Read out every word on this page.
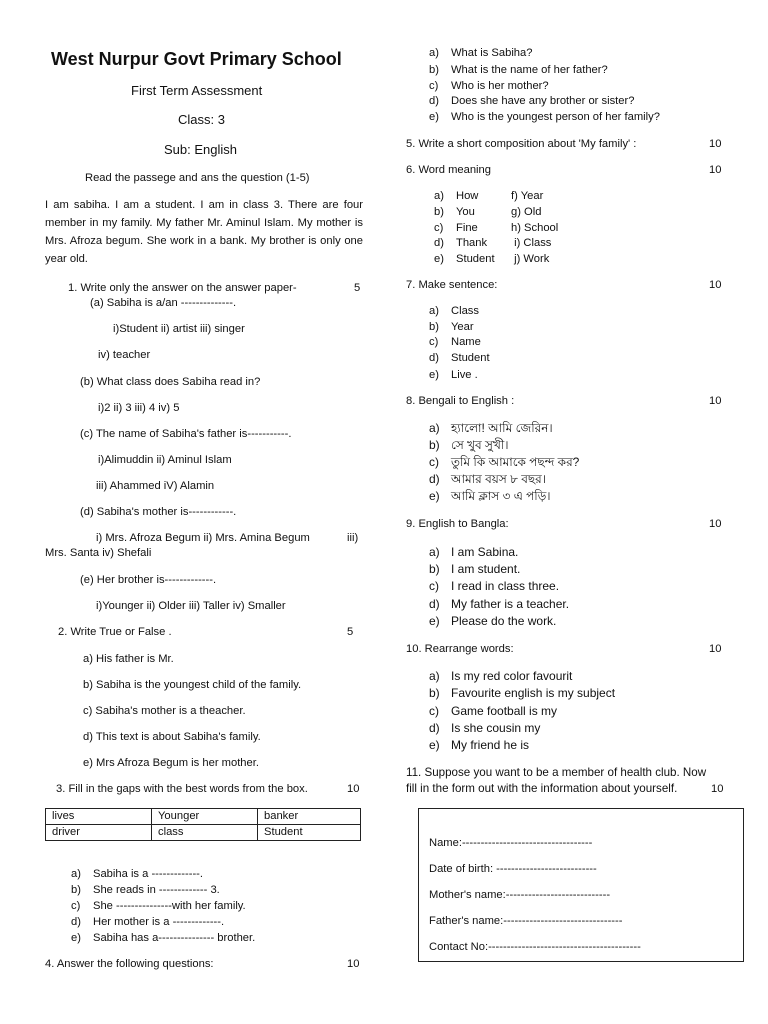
West Nurpur Govt Primary School
First Term Assessment
Class: 3
Sub: English
Read the passege and ans the question (1-5)
I am sabiha. I am a student. I am in class 3. There are four member in my family. My father Mr. Aminul Islam. My mother is Mrs. Afroza begum. She work in a bank. My brother is only one year old.
1. Write only the answer on the answer paper-	5
(a) Sabiha is a/an --------------.
i)Student ii) artist iii) singer
iv) teacher
(b) What class does Sabiha read in?
i)2 ii) 3 iii) 4 iv) 5
(c) The name of Sabiha's father is-----------.
i)Alimuddin ii) Aminul Islam
iii) Ahammed iV) Alamin
(d) Sabiha's mother is------------.
i) Mrs. Afroza Begum ii) Mrs. Amina Begum	iii)
Mrs. Santa iv) Shefali
(e) Her brother is-------------.
i)Younger ii) Older iii) Taller iv) Smaller
2. Write True or False .	5
a) His father is Mr.
b) Sabiha is the youngest child of the family.
c) Sabiha's mother is a theacher.
d) This text is about Sabiha's family.
e) Mrs Afroza Begum is her mother.
3. Fill in the gaps with the best words from the box.	10
lives	Younger	banker
driver	class	Student
a) Sabiha is a -------------.
b) She reads in ------------- 3.
c) She ---------------with her family.
d) Her mother is a -------------.
e) Sabiha has a--------------- brother.
4. Answer the following questions:	10
a) What is Sabiha?
b) What is the name of her father?
c) Who is her mother?
d) Does she have any brother or sister?
e) Who is the youngest person of her family?
5. Write a short composition about 'My family' :	10
6. Word meaning	10
a) How	f) Year
b) You	g) Old
c) Fine	h) School
d) Thank i) Class
e) Student j) Work
7. Make sentence:	10
a) Class
b) Year
c) Name
d) Student
e) Live .
8. Bengali to English :	10
a) হ্যালো! আমি জেরিন।
b) সে খুব সুখী।
c) তুমি কি আমাকে পছন্দ কর?
d) আমার বয়স ৮ বছর।
e) আমি ক্লাস ৩ এ পড়ি।
9. English to Bangla:	10
a) I am Sabina.
b) I am student.
c) I read in class three.
d) My father is a teacher.
e) Please do the work.
10. Rearrange words:	10
a) Is my red color favourit
b) Favourite english is my subject
c) Game football is my
d) Is she cousin my
e) My friend he is
11. Suppose you want to be a member of health club. Now
fill in the form out with the information about yourself.	10
Name:-----------------------------------
Date of birth: ---------------------------
Mother's name:----------------------------
Father's name:--------------------------------
Contact No:-----------------------------------------
